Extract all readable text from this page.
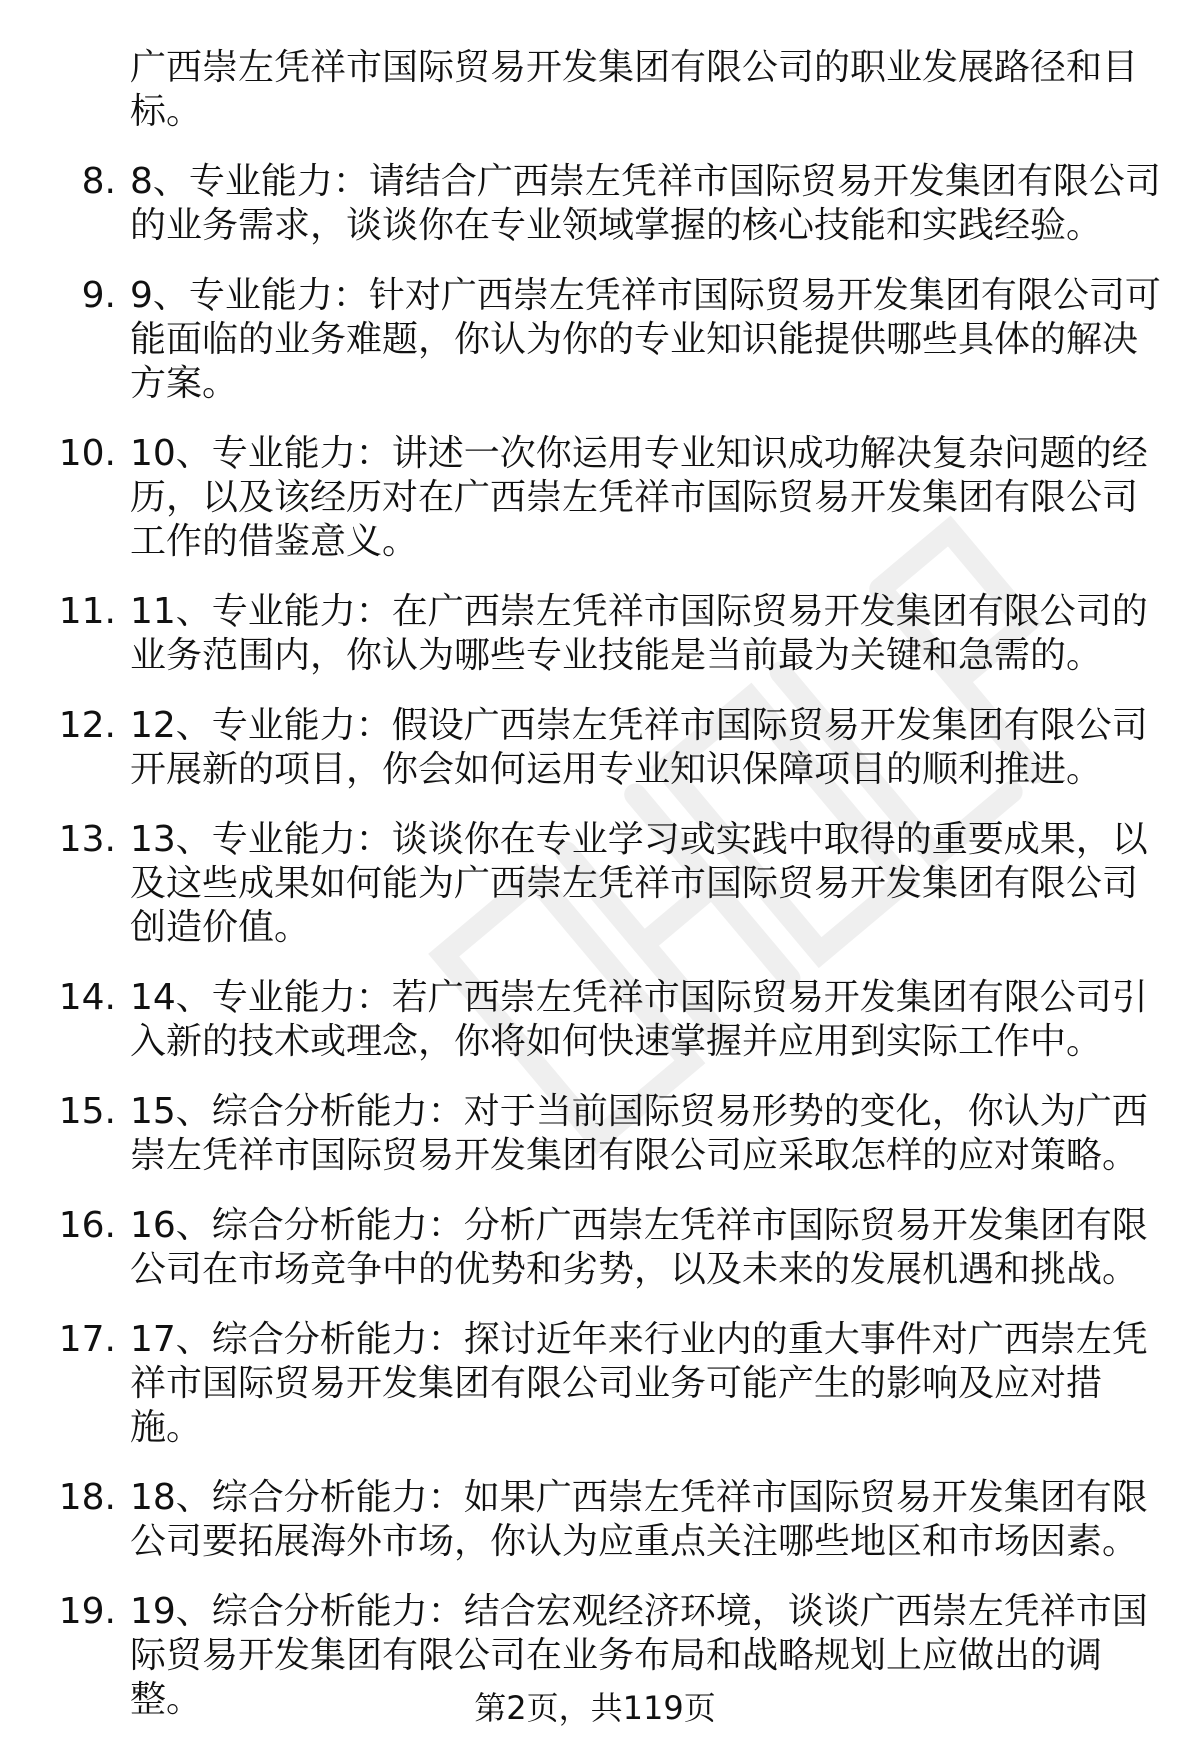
广西崇左凭祥市国际贸易开发集团有限公司的职业发展路径和目标。
8. 8、专业能力：请结合广西崇左凭祥市国际贸易开发集团有限公司的业务需求，谈谈你在专业领域掌握的核心技能和实践经验。
9. 9、专业能力：针对广西崇左凭祥市国际贸易开发集团有限公司可能面临的业务难题，你认为你的专业知识能提供哪些具体的解决方案。
10. 10、专业能力：讲述一次你运用专业知识成功解决复杂问题的经历，以及该经历对在广西崇左凭祥市国际贸易开发集团有限公司工作的借鉴意义。
11. 11、专业能力：在广西崇左凭祥市国际贸易开发集团有限公司的业务范围内，你认为哪些专业技能是当前最为关键和急需的。
12. 12、专业能力：假设广西崇左凭祥市国际贸易开发集团有限公司开展新的项目，你会如何运用专业知识保障项目的顺利推进。
13. 13、专业能力：谈谈你在专业学习或实践中取得的重要成果，以及这些成果如何能为广西崇左凭祥市国际贸易开发集团有限公司创造价值。
14. 14、专业能力：若广西崇左凭祥市国际贸易开发集团有限公司引入新的技术或理念，你将如何快速掌握并应用到实际工作中。
15. 15、综合分析能力：对于当前国际贸易形势的变化，你认为广西崇左凭祥市国际贸易开发集团有限公司应采取怎样的应对策略。
16. 16、综合分析能力：分析广西崇左凭祥市国际贸易开发集团有限公司在市场竞争中的优势和劣势，以及未来的发展机遇和挑战。
17. 17、综合分析能力：探讨近年来行业内的重大事件对广西崇左凭祥市国际贸易开发集团有限公司业务可能产生的影响及应对措施。
18. 18、综合分析能力：如果广西崇左凭祥市国际贸易开发集团有限公司要拓展海外市场，你认为应重点关注哪些地区和市场因素。
19. 19、综合分析能力：结合宏观经济环境，谈谈广西崇左凭祥市国际贸易开发集团有限公司在业务布局和战略规划上应做出的调整。	第2页，共119页
